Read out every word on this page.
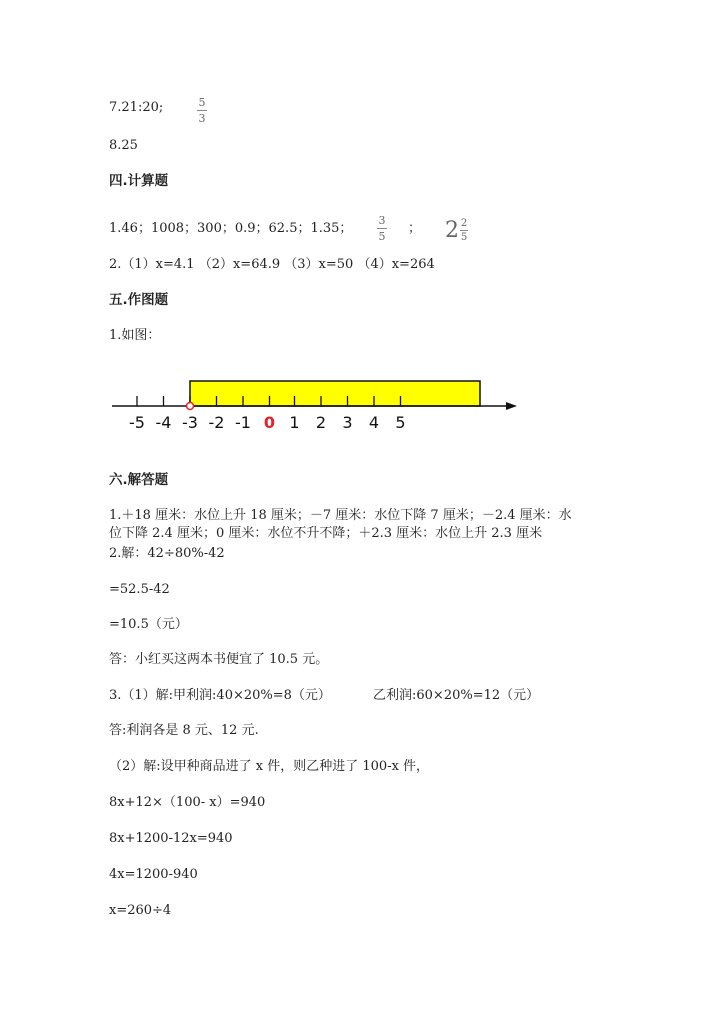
7.21:20;	5
3
8.25
四.计算题
1.46；1008；300；0.9；62.5；1.35；
3
5
； $2 \frac{2}{5}$
2.（1）x=4.1 （2）x=64.9 （3）x=50 （4）x=264
五.作图题
1.如图：
-5 -4 -3 -2 -1 0 1 2 3 4 5
六.解答题
1.＋18 厘米：水位上升 18 厘米；－7 厘米：水位下降 7 厘米；－2.4 厘米：水
位下降 2.4 厘米；0 厘米：水位不升不降；＋2.3 厘米：水位上升 2.3 厘米
2.解：42÷80%-42
=52.5-42
=10.5（元）
答：小红买这两本书便宜了 10.5 元。
3.（1）解:甲利润:40×20%=8（元）	乙利润:60×20%=12（元）
答:利润各是 8 元、12 元.
（2）解:设甲种商品进了 x 件，则乙种进了 100-x 件，
8x+12×（100- x）=940
8x+1200-12x=940
4x=1200-940
x=260÷4
